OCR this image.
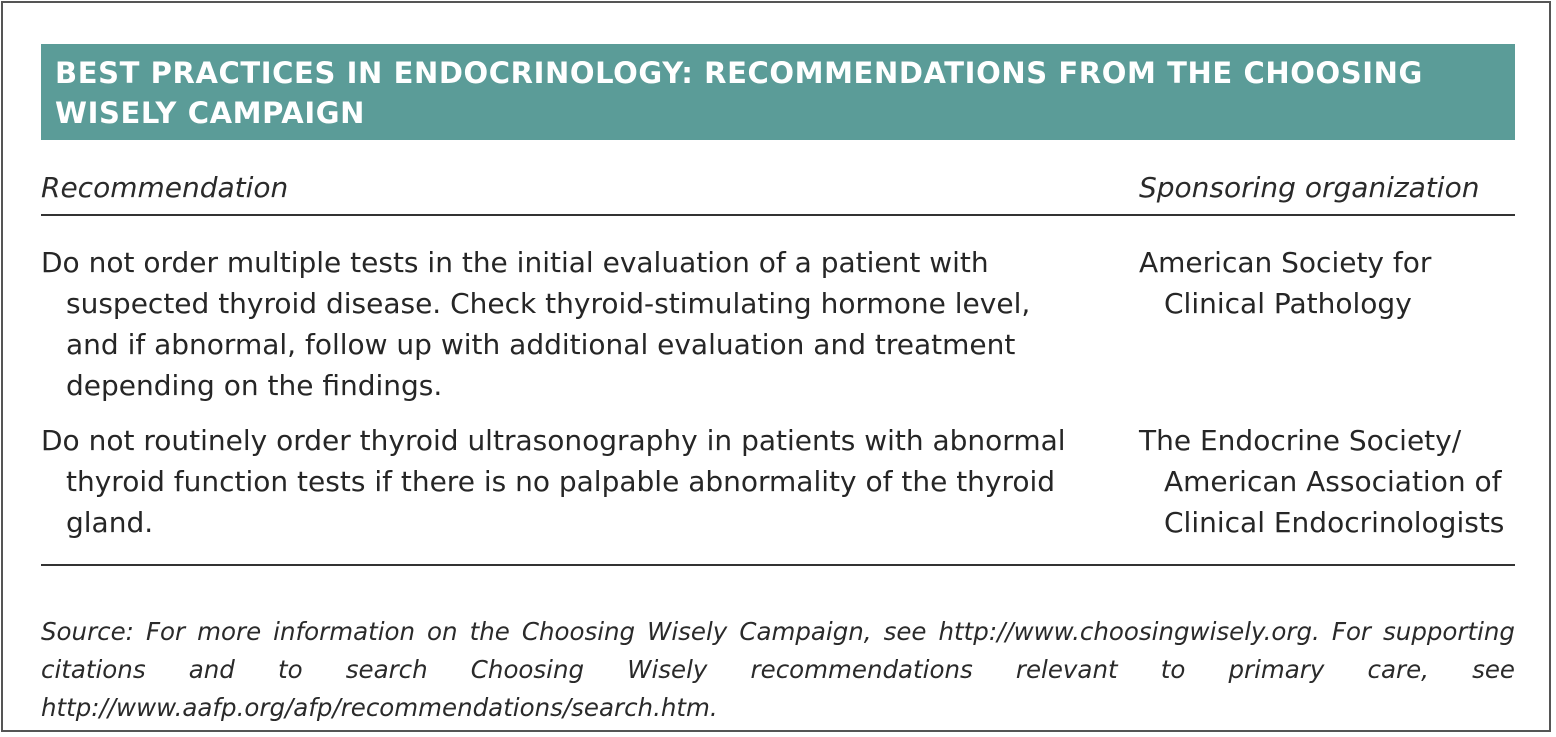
BEST PRACTICES IN ENDOCRINOLOGY: RECOMMENDATIONS FROM THE CHOOSING WISELY CAMPAIGN
Recommendation	Sponsoring organization
Do not order multiple tests in the initial evaluation of a patient with suspected thyroid disease. Check thyroid-stimulating hormone level, and if abnormal, follow up with additional evaluation and treatment depending on the findings.
American Society for Clinical Pathology
Do not routinely order thyroid ultrasonography in patients with abnormal thyroid function tests if there is no palpable abnormality of the thyroid gland.
The Endocrine Society/ American Association of Clinical Endocrinologists

Source: For more information on the Choosing Wisely Campaign, see http://www.choosingwisely.org. For supporting citations and to search Choosing Wisely recommendations relevant to primary care, see http://www.aafp.org/afp/recommendations/search.htm.
